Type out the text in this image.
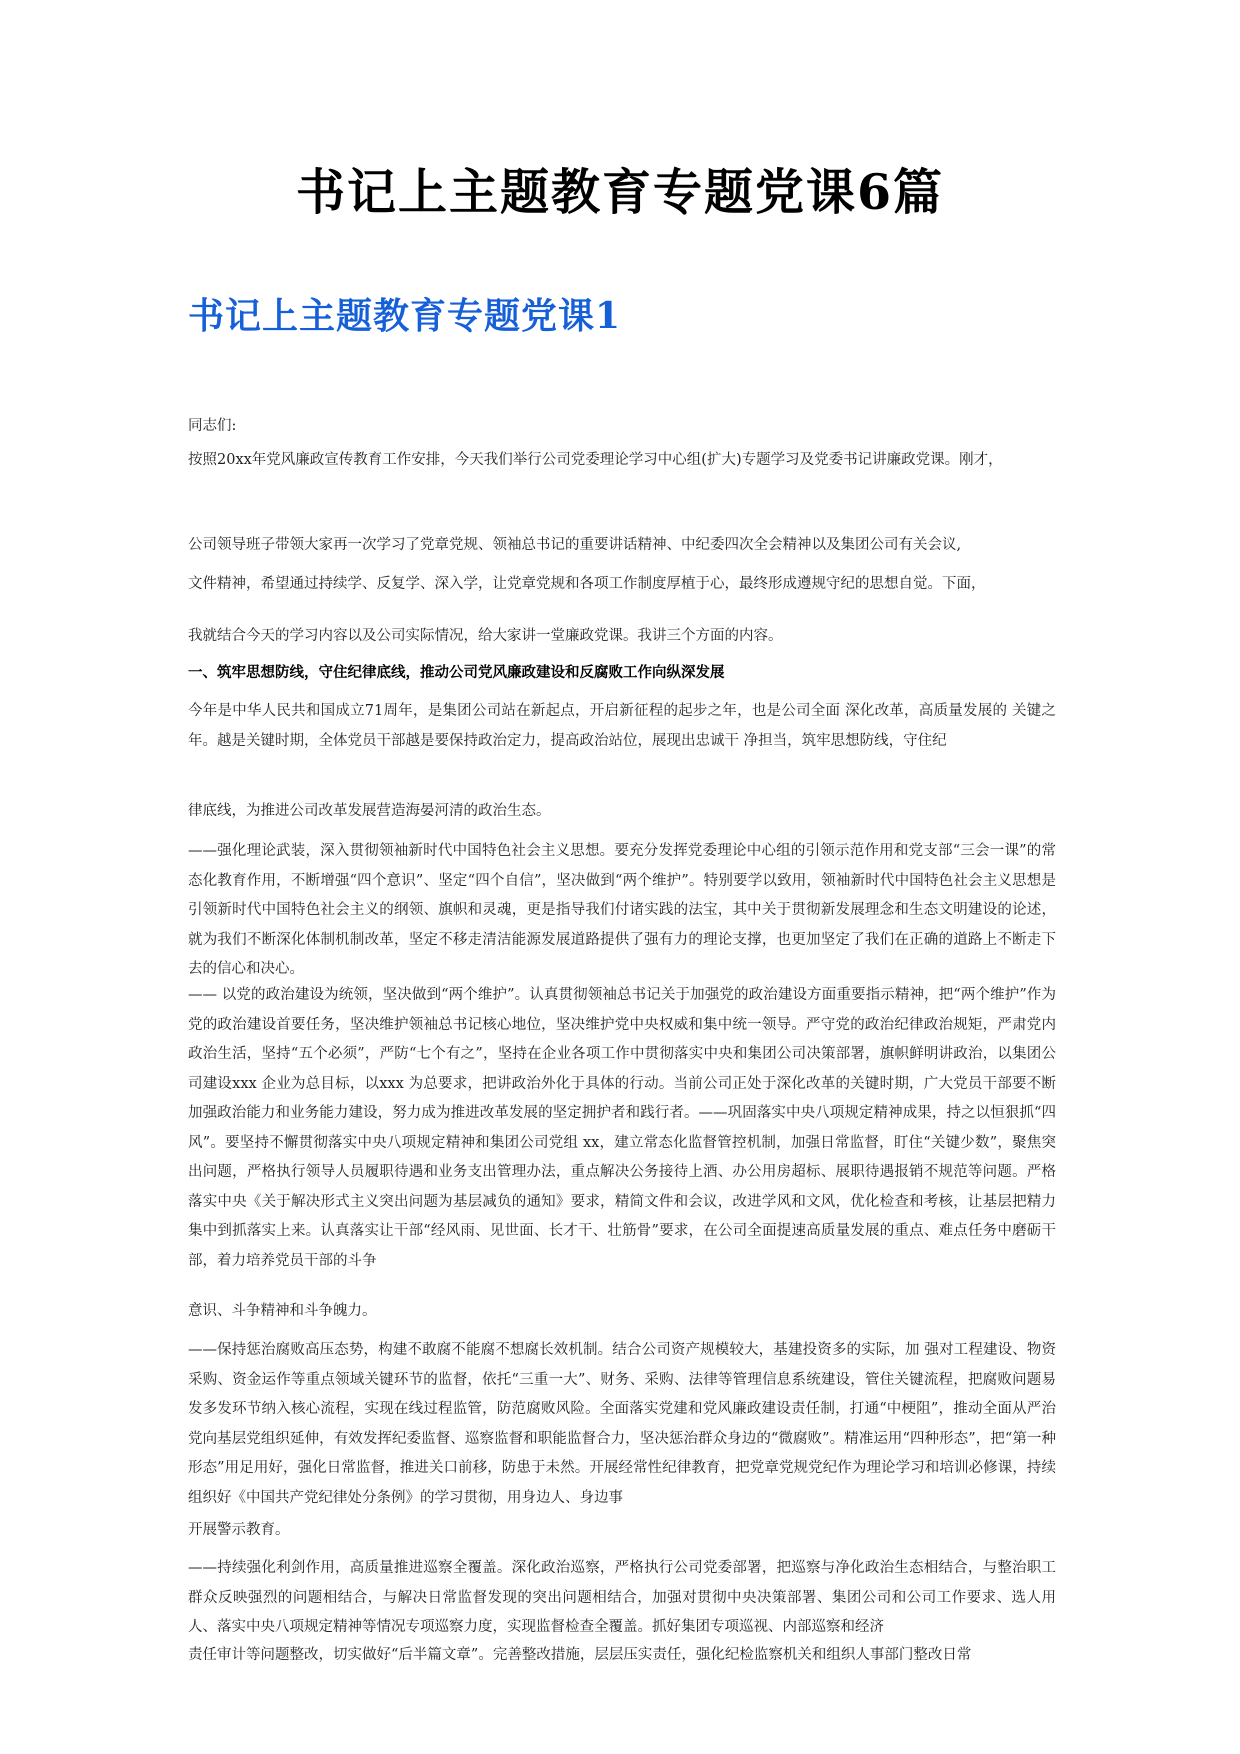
书记上主题教育专题党课6篇
书记上主题教育专题党课1

同志们:

按照20xx年党风廉政宣传教育工作安排，今天我们举行公司党委理论学习中心组(扩大)专题学习及党委书记讲廉政党课。刚才，

公司领导班子带领大家再一次学习了党章党规、领袖总书记的重要讲话精神、中纪委四次全会精神以及集团公司有关会议,

文件精神，希望通过持续学、反复学、深入学，让党章党规和各项工作制度厚植于心，最终形成遵规守纪的思想自觉。下面，

我就结合今天的学习内容以及公司实际情况，给大家讲一堂廉政党课。我讲三个方面的内容。

一、筑牢思想防线，守住纪律底线，推动公司党风廉政建设和反腐败工作向纵深发展

今年是中华人民共和国成立71周年，是集团公司站在新起点，开启新征程的起步之年，也是公司全面 深化改革，高质量发展的 关键之年。越是关键时期，全体党员干部越是要保持政治定力，提高政治站位，展现出忠诚干 净担当，筑牢思想防线，守住纪

律底线，为推进公司改革发展营造海晏河清的政治生态。

——强化理论武装，深入贯彻领袖新时代中国特色社会主义思想。要充分发挥党委理论中心组的引领示范作用和党支部“三会一课”的常态化教育作用，不断增强“四个意识”、坚定“四个自信”，坚决做到“两个维护”。特别要学以致用，领袖新时代中国特色社会主义思想是引领新时代中国特色社会主义的纲领、旗帜和灵魂，更是指导我们付诸实践的法宝，其中关于贯彻新发展理念和生态文明建设的论述，就为我们不断深化体制机制改革，坚定不移走清洁能源发展道路提供了强有力的理论支撑，也更加坚定了我们在正确的道路上不断走下去的信心和决心。

—— 以党的政治建设为统领，坚决做到“两个维护”。认真贯彻领袖总书记关于加强党的政治建设方面重要指示精神，把“两个维护”作为党的政治建设首要任务，坚决维护领袖总书记核心地位，坚决维护党中央权威和集中统一领导。严守党的政治纪律政治规矩，严肃党内政治生活，坚持“五个必须”，严防“七个有之”，坚持在企业各项工作中贯彻落实中央和集团公司决策部署，旗帜鲜明讲政治，以集团公司建设xxx 企业为总目标，以xxx 为总要求，把讲政治外化于具体的行动。当前公司正处于深化改革的关键时期，广大党员干部要不断加强政治能力和业务能力建设，努力成为推进改革发展的坚定拥护者和践行者。——巩固落实中央八项规定精神成果，持之以恒狠抓“四风”。要坚持不懈贯彻落实中央八项规定精神和集团公司党组 xx，建立常态化监督管控机制，加强日常监督，盯住“关键少数”，聚焦突出问题，严格执行领导人员履职待遇和业务支出管理办法，重点解决公务接待上酒、办公用房超标、展职待遇报销不规范等问题。严格落实中央《关于解决形式主义突出问题为基层减负的通知》要求，精简文件和会议，改进学风和文风，优化检查和考核，让基层把精力集中到抓落实上来。认真落实让干部“经风雨、见世面、长才干、壮筋骨”要求，在公司全面提速高质量发展的重点、难点任务中磨砺干部，着力培养党员干部的斗争

意识、斗争精神和斗争魄力。

——保持惩治腐败高压态势，构建不敢腐不能腐不想腐长效机制。结合公司资产规模较大，基建投资多的实际，加 强对工程建设、物资采购、资金运作等重点领域关键环节的监督，依托“三重一大”、财务、采购、法律等管理信息系统建设，管住关键流程，把腐败问题易发多发环节纳入核心流程，实现在线过程监管，防范腐败风险。全面落实党建和党风廉政建设责任制，打通“中梗阻”，推动全面从严治党向基层党组织延伸，有效发挥纪委监督、巡察监督和职能监督合力，坚决惩治群众身边的“微腐败”。精准运用“四种形态”，把“第一种形态”用足用好，强化日常监督，推进关口前移，防患于未然。开展经常性纪律教育，把党章党规党纪作为理论学习和培训必修课，持续组织好《中国共产党纪律处分条例》的学习贯彻，用身边人、身边事

开展警示教育。

——持续强化利剑作用，高质量推进巡察全覆盖。深化政治巡察，严格执行公司党委部署，把巡察与净化政治生态相结合，与整治职工群众反映强烈的问题相结合，与解决日常监督发现的突出问题相结合，加强对贯彻中央决策部署、集团公司和公司工作要求、选人用人、落实中央八项规定精神等情况专项巡察力度，实现监督检查全覆盖。抓好集团专项巡视、内部巡察和经济

责任审计等问题整改，切实做好“后半篇文章”。完善整改措施，层层压实责任，强化纪检监察机关和组织人事部门整改日常
